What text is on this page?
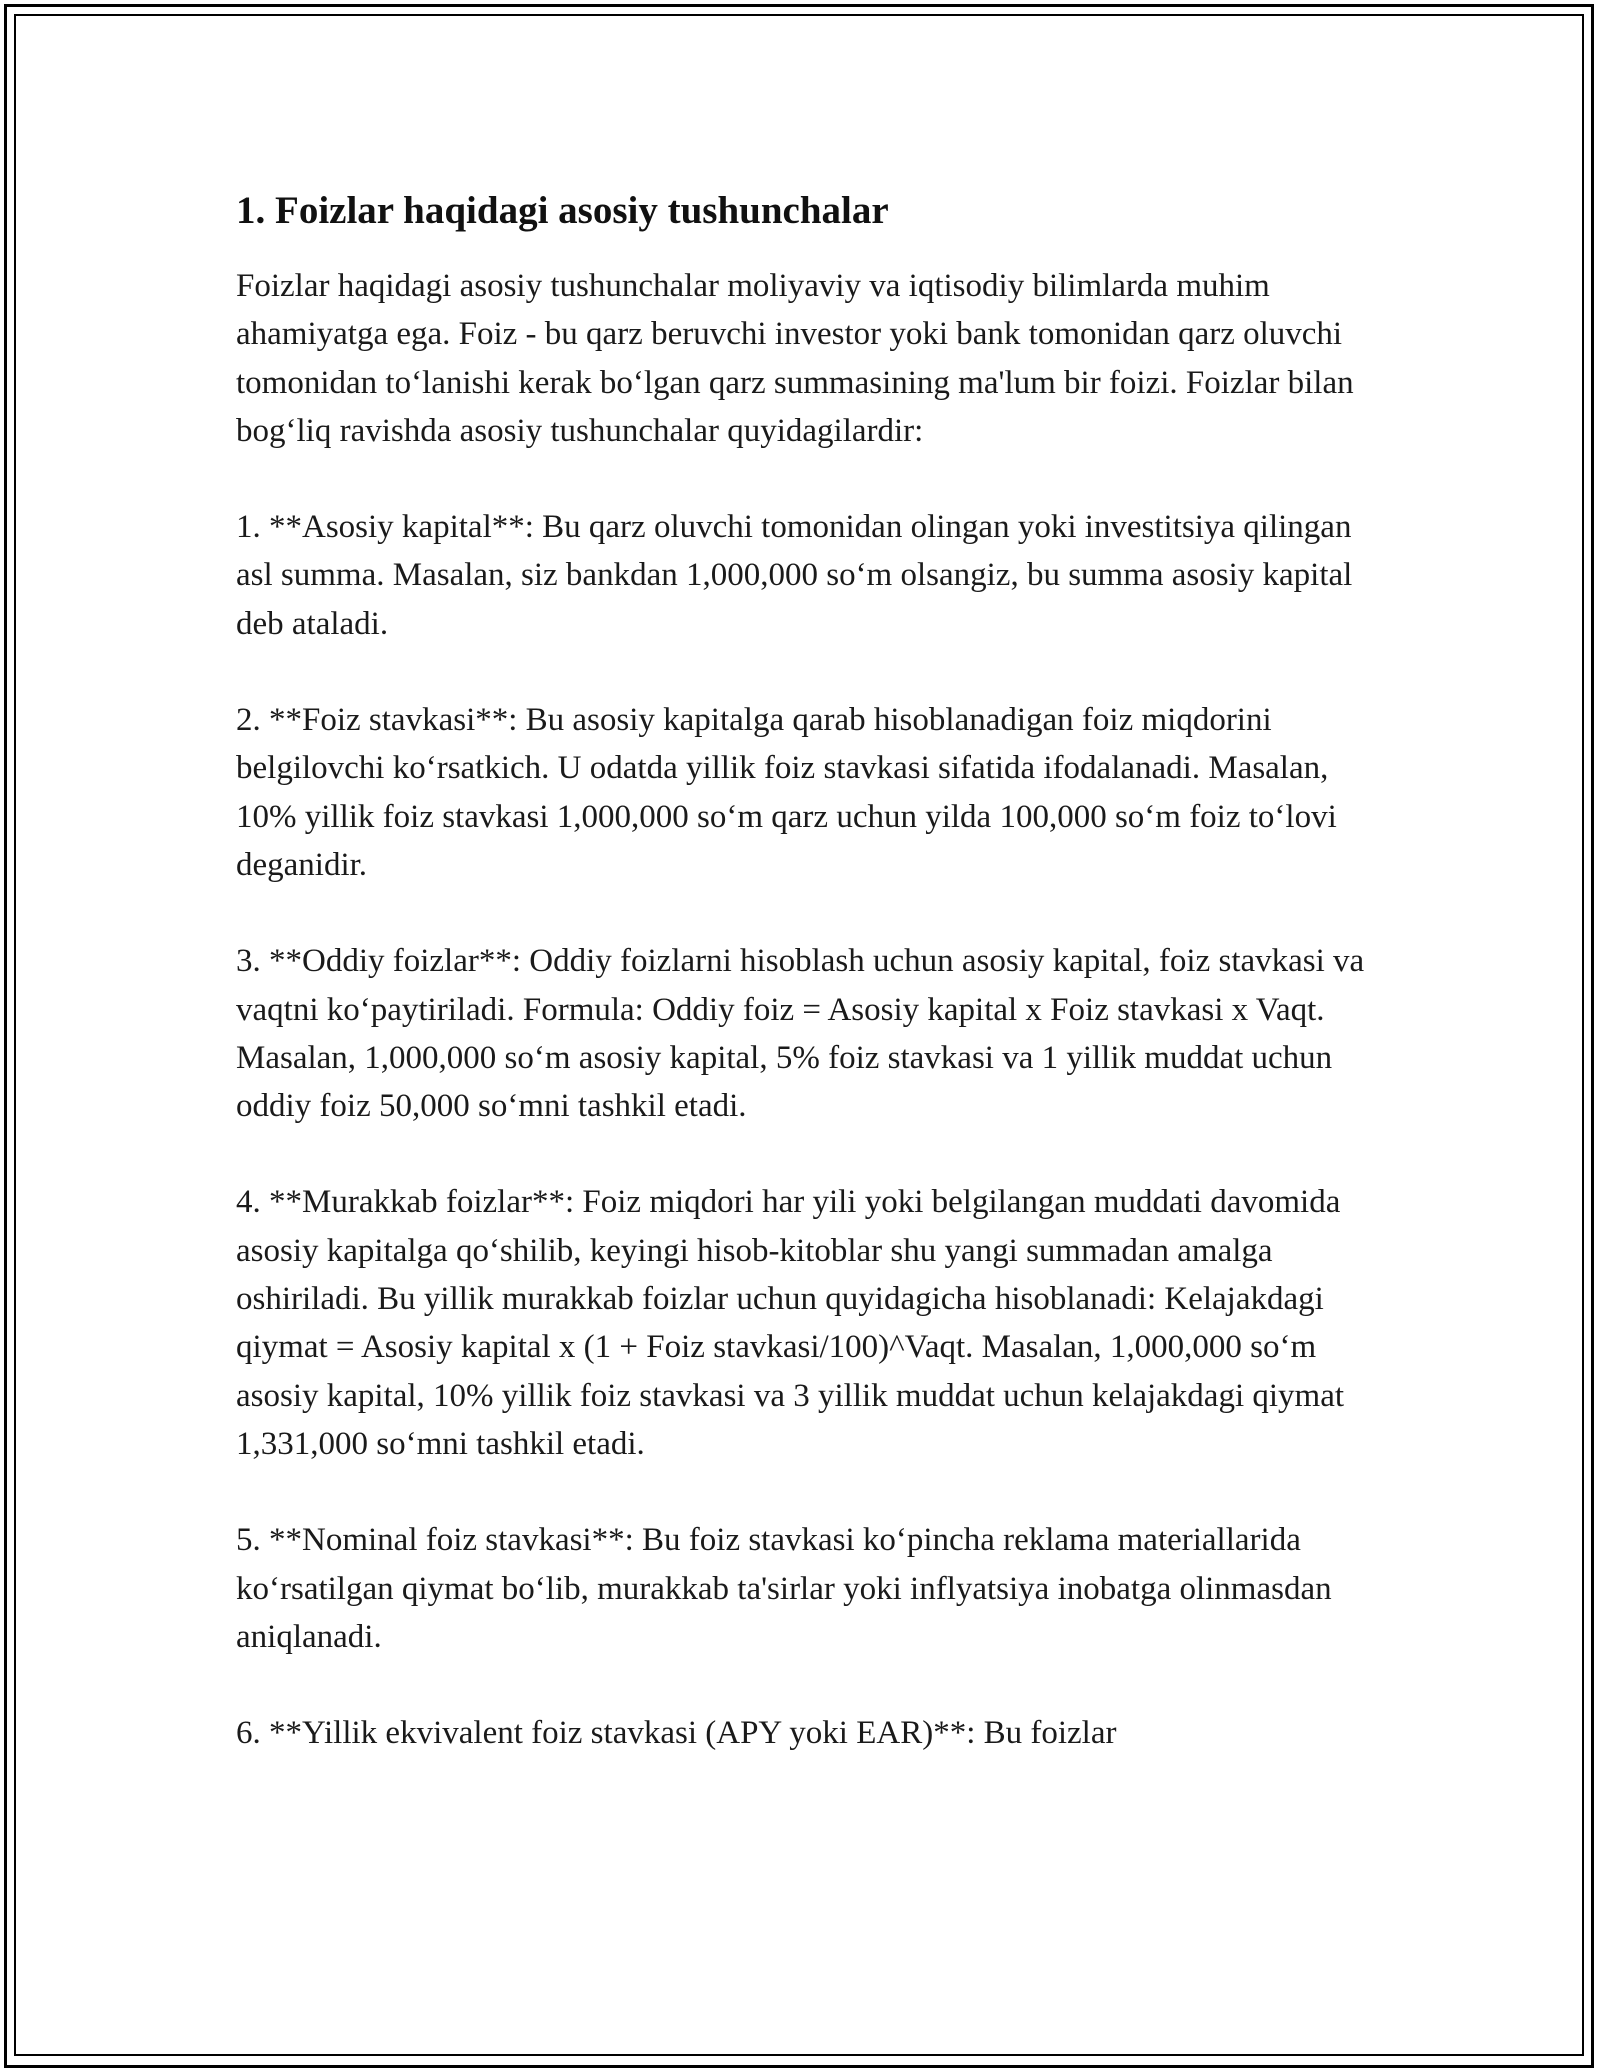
1. Foizlar haqidagi asosiy tushunchalar

Foizlar haqidagi asosiy tushunchalar moliyaviy va iqtisodiy bilimlarda muhim ahamiyatga ega. Foiz - bu qarz beruvchi investor yoki bank tomonidan qarz oluvchi tomonidan toʻlanishi kerak boʻlgan qarz summasining ma'lum bir foizi. Foizlar bilan bogʻliq ravishda asosiy tushunchalar quyidagilardir:

1. **Asosiy kapital**: Bu qarz oluvchi tomonidan olingan yoki investitsiya qilingan asl summa. Masalan, siz bankdan 1,000,000 soʻm olsangiz, bu summa asosiy kapital deb ataladi.

2. **Foiz stavkasi**: Bu asosiy kapitalga qarab hisoblanadigan foiz miqdorini belgilovchi koʻrsatkich. U odatda yillik foiz stavkasi sifatida ifodalanadi. Masalan, 10% yillik foiz stavkasi 1,000,000 soʻm qarz uchun yilda 100,000 soʻm foiz toʻlovi deganidir.

3. **Oddiy foizlar**: Oddiy foizlarni hisoblash uchun asosiy kapital, foiz stavkasi va vaqtni koʻpaytiriladi. Formula: Oddiy foiz = Asosiy kapital x Foiz stavkasi x Vaqt. Masalan, 1,000,000 soʻm asosiy kapital, 5% foiz stavkasi va 1 yillik muddat uchun oddiy foiz 50,000 soʻmni tashkil etadi.

4. **Murakkab foizlar**: Foiz miqdori har yili yoki belgilangan muddati davomida asosiy kapitalga qoʻshilib, keyingi hisob-kitoblar shu yangi summadan amalga oshiriladi. Bu yillik murakkab foizlar uchun quyidagicha hisoblanadi: Kelajakdagi qiymat = Asosiy kapital x (1 + Foiz stavkasi/100)^Vaqt. Masalan, 1,000,000 soʻm asosiy kapital, 10% yillik foiz stavkasi va 3 yillik muddat uchun kelajakdagi qiymat 1,331,000 soʻmni tashkil etadi.

5. **Nominal foiz stavkasi**: Bu foiz stavkasi koʻpincha reklama materiallarida koʻrsatilgan qiymat boʻlib, murakkab ta'sirlar yoki inflyatsiya inobatga olinmasdan aniqlanadi.

6. **Yillik ekvivalent foiz stavkasi (APY yoki EAR)**: Bu foizlar
